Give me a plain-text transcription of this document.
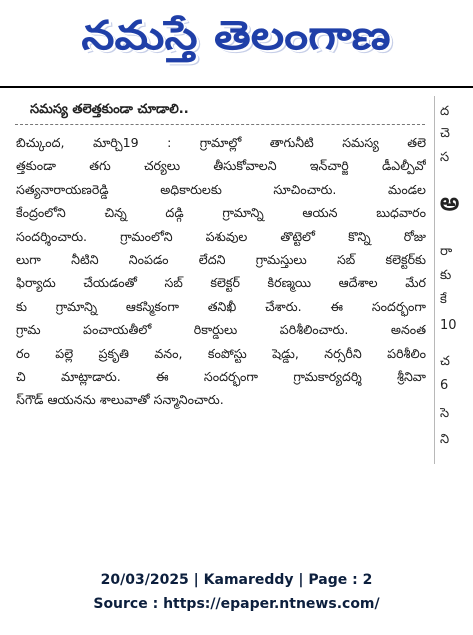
నమస్తే తెలంగాణ
సమస్య తలెత్తకుండా చూడాలి..
బిచ్కుంద, మార్చి19 : గ్రామాల్లో తాగునీటి సమస్య తలె
త్తకుండా తగు చర్యలు తీసుకోవాలని ఇన్‌చార్జి డీఎల్పీవో
సత్యనారాయణరెడ్డి అధికారులకు సూచించారు. మండల
కేంద్రంలోని చిన్న దడ్గి గ్రామాన్ని ఆయన బుధవారం
సందర్శించారు. గ్రామంలోని పశువుల తొట్టెలో కొన్ని రోజు
లుగా నీటిని నింపడం లేదని గ్రామస్తులు సబ్ కలెక్టర్‌కు
ఫిర్యాదు చేయడంతో సబ్ కలెక్టర్ కిరణ్మయి ఆదేశాల మేర
కు గ్రామాన్ని ఆకస్మికంగా తనిఖీ చేశారు. ఈ సందర్భంగా
గ్రామ పంచాయతీలో రికార్డులు పరిశీలించారు. అనంత
రం పల్లె ప్రకృతి వనం, కంపోస్టు షెడ్డు, నర్సరీని పరిశీలిం
చి మాట్లాడారు. ఈ సందర్భంగా గ్రామకార్యదర్శి శ్రీనివా
స్‌గౌడ్ ఆయనను శాలువాతో సన్మానించారు.
ద
చె
స
అ
రా
కు
కే
10
చ
6
సె
ని
20/03/2025 | Kamareddy | Page : 2
Source : https://epaper.ntnews.com/
